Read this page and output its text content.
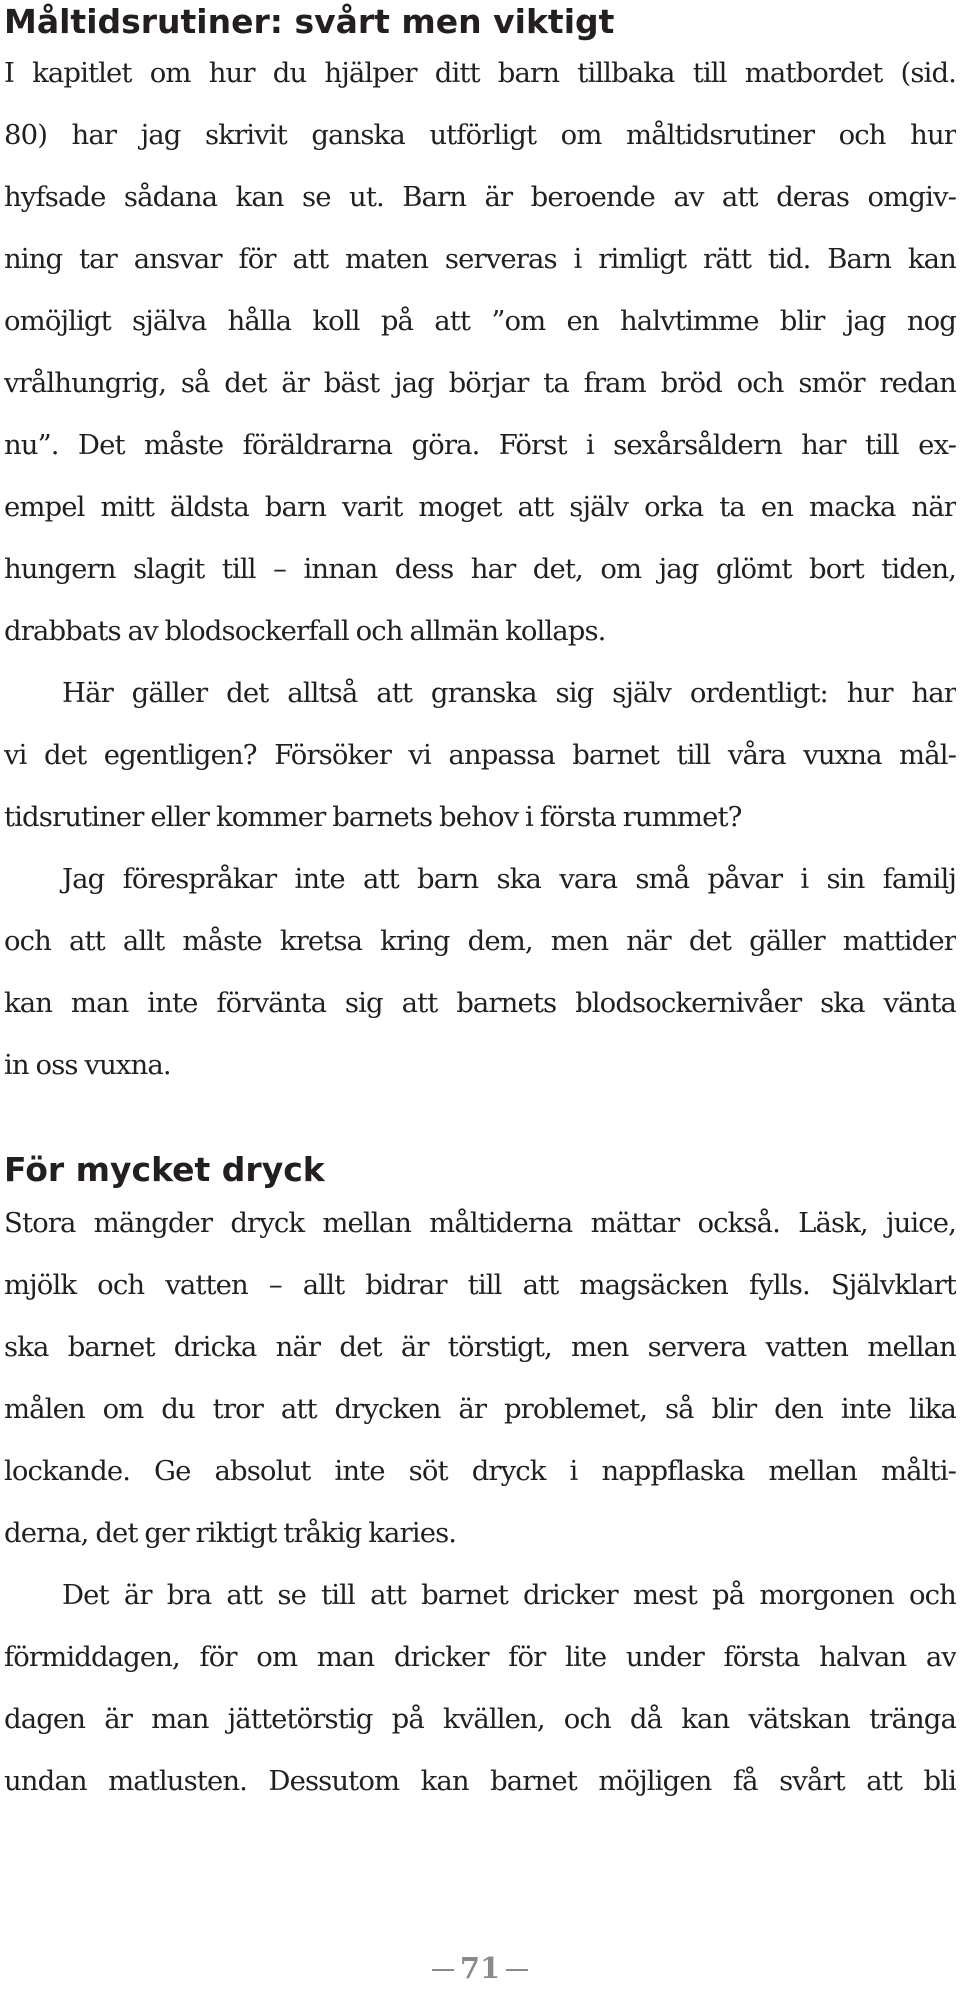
Måltidsrutiner: svårt men viktigt
I kapitlet om hur du hjälper ditt barn tillbaka till matbordet (sid.
80) har jag skrivit ganska utförligt om måltidsrutiner och hur
hyfsade sådana kan se ut. Barn är beroende av att deras omgiv-
ning tar ansvar för att maten serveras i rimligt rätt tid. Barn kan
omöjligt själva hålla koll på att ”om en halvtimme blir jag nog
vrålhungrig, så det är bäst jag börjar ta fram bröd och smör redan
nu”. Det måste föräldrarna göra. Först i sexårsåldern har till ex-
empel mitt äldsta barn varit moget att själv orka ta en macka när
hungern slagit till – innan dess har det, om jag glömt bort tiden,
drabbats av blodsockerfall och allmän kollaps.
Här gäller det alltså att granska sig själv ordentligt: hur har
vi det egentligen? Försöker vi anpassa barnet till våra vuxna mål-
tidsrutiner eller kommer barnets behov i första rummet?
Jag förespråkar inte att barn ska vara små påvar i sin familj
och att allt måste kretsa kring dem, men när det gäller mattider
kan man inte förvänta sig att barnets blodsockernivåer ska vänta
in oss vuxna.
För mycket dryck
Stora mängder dryck mellan måltiderna mättar också. Läsk, juice,
mjölk och vatten – allt bidrar till att magsäcken fylls. Självklart
ska barnet dricka när det är törstigt, men servera vatten mellan
målen om du tror att drycken är problemet, så blir den inte lika
lockande. Ge absolut inte söt dryck i nappflaska mellan målti-
derna, det ger riktigt tråkig karies.
Det är bra att se till att barnet dricker mest på morgonen och
förmiddagen, för om man dricker för lite under första halvan av
dagen är man jättetörstig på kvällen, och då kan vätskan tränga
undan matlusten. Dessutom kan barnet möjligen få svårt att bli
71
